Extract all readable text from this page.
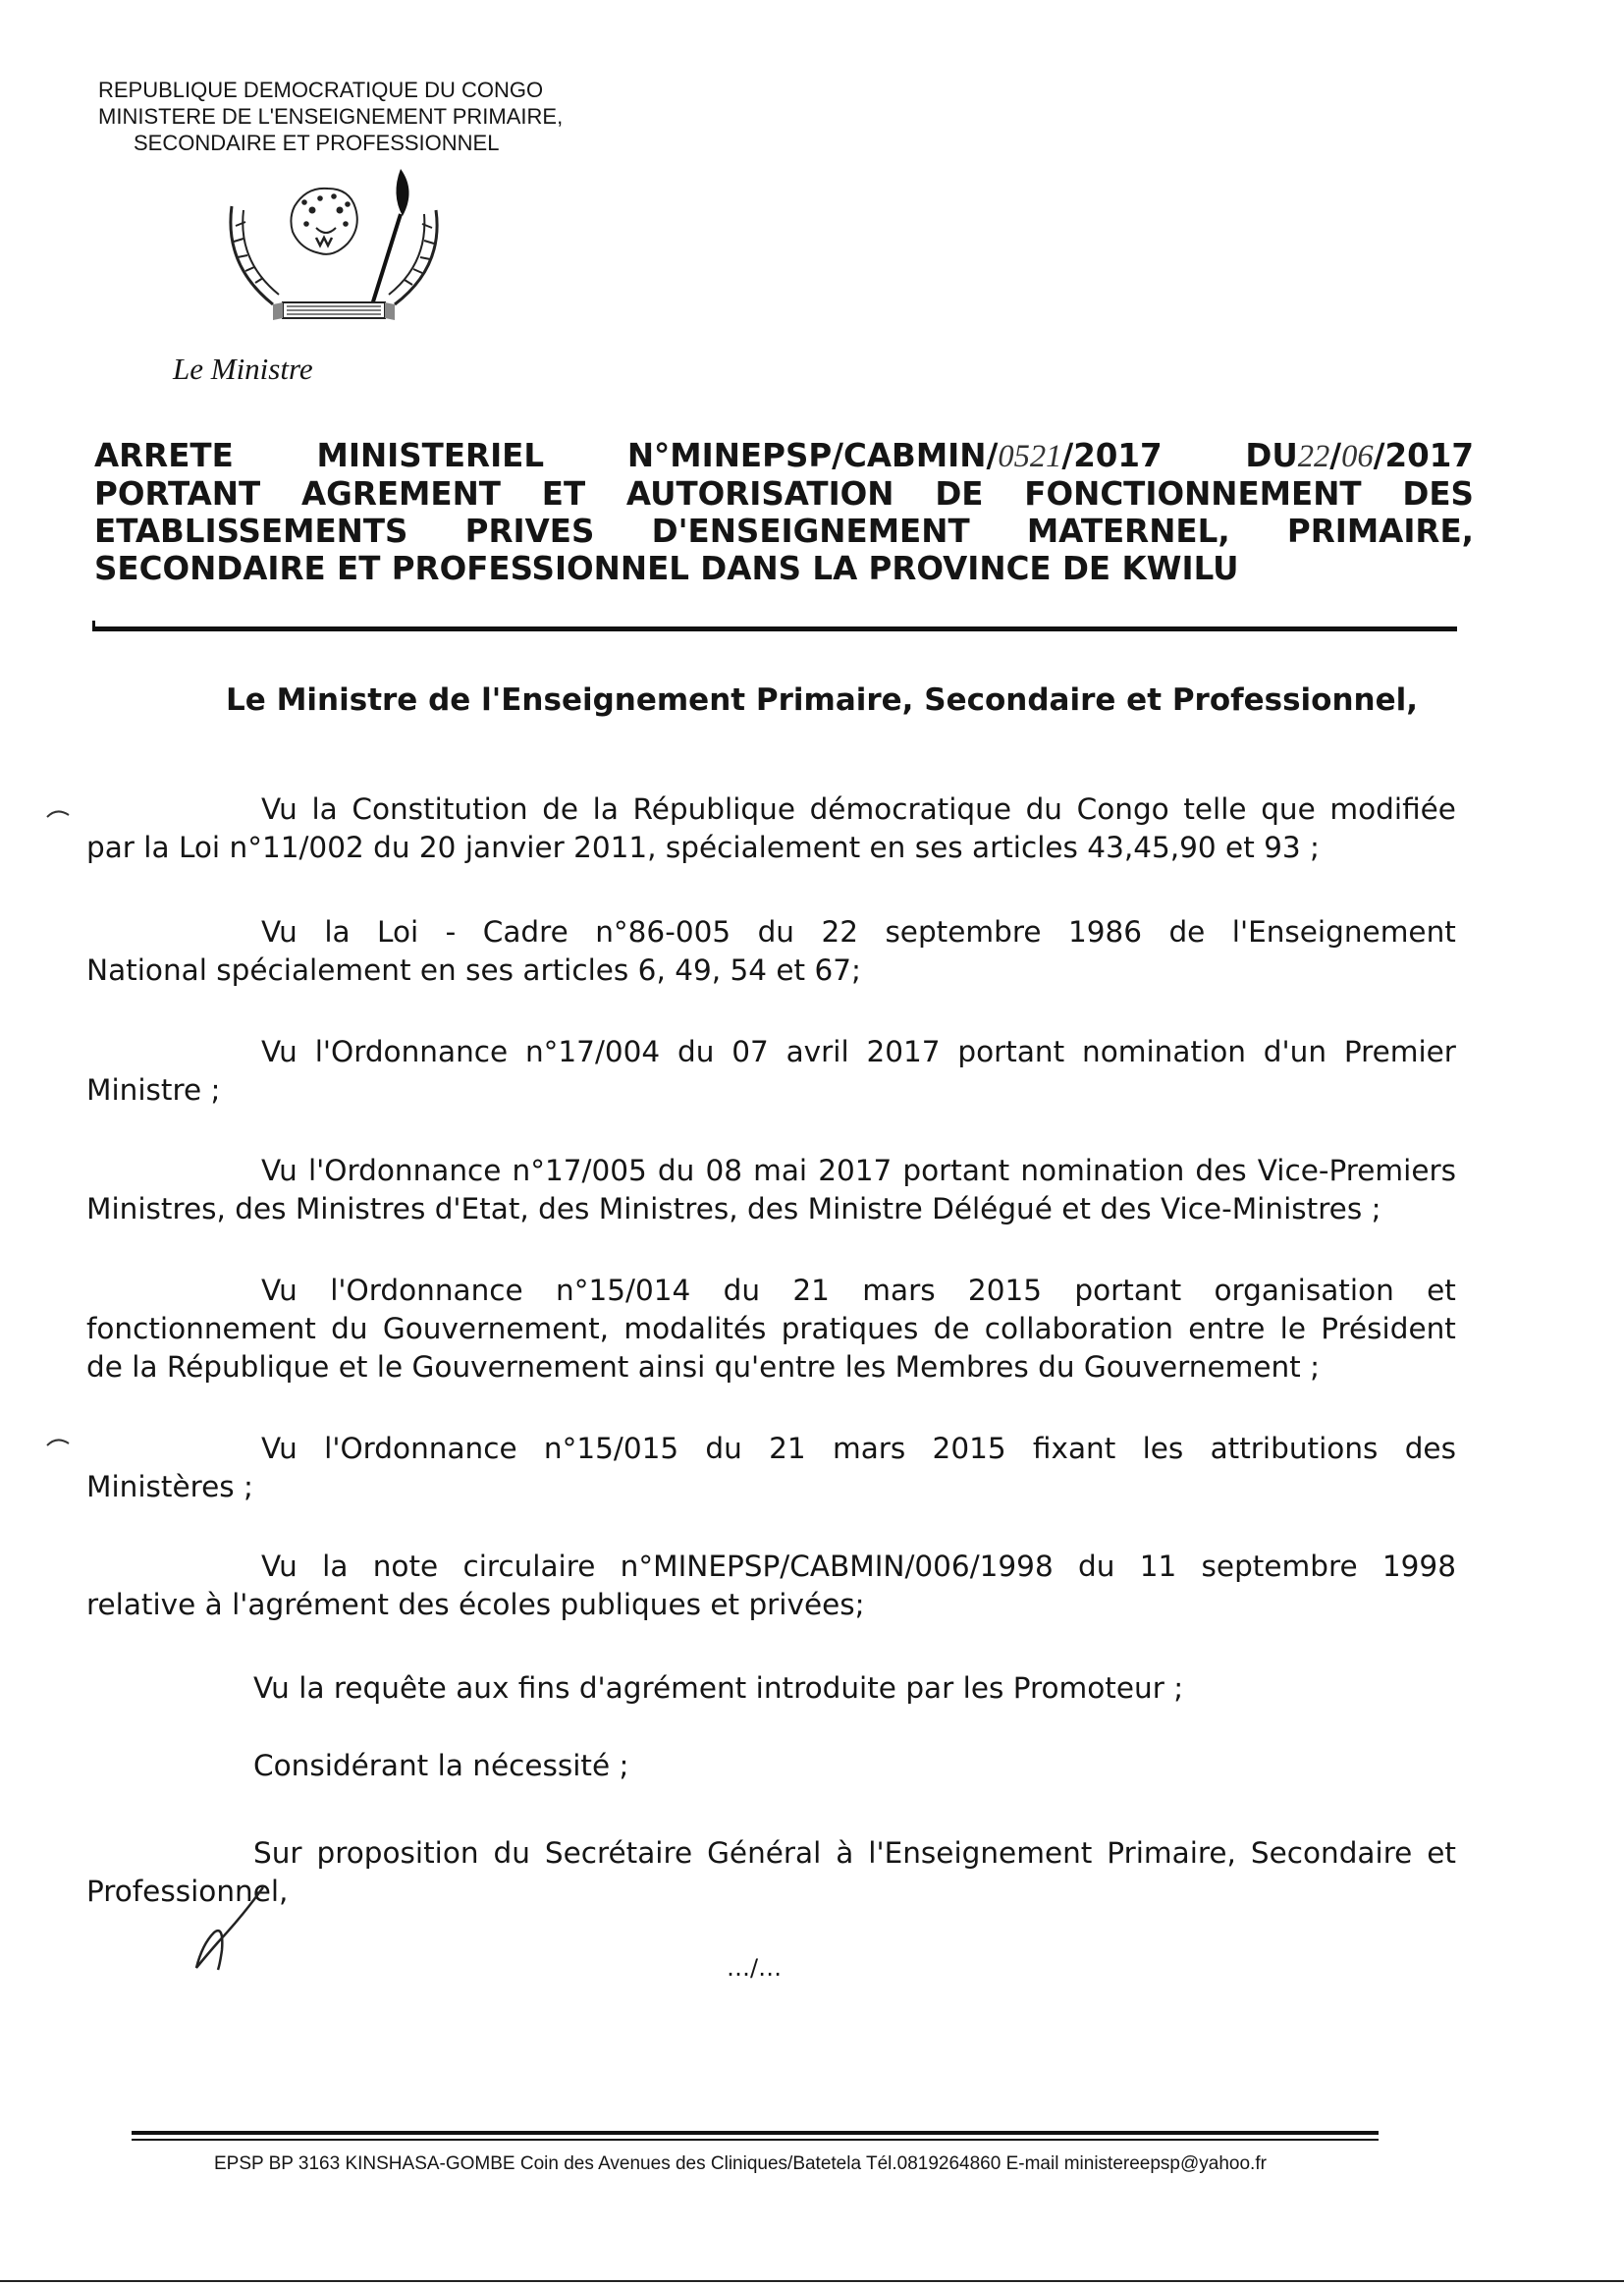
REPUBLIQUE DEMOCRATIQUE DU CONGO
MINISTERE DE L'ENSEIGNEMENT PRIMAIRE,
SECONDAIRE ET PROFESSIONNEL
Le Ministre
ARRETE	MINISTERIEL	N°MINEPSP/CABMIN/0521/2017	DU22/06/2017
PORTANT AGREMENT ET AUTORISATION DE FONCTIONNEMENT DES
ETABLISSEMENTS PRIVES D'ENSEIGNEMENT MATERNEL, PRIMAIRE,
SECONDAIRE ET PROFESSIONNEL DANS LA PROVINCE DE KWILU
Le Ministre de l'Enseignement Primaire, Secondaire et Professionnel,
Vu la Constitution de la République démocratique du Congo telle que modifiée
par la Loi n°11/002 du 20 janvier 2011, spécialement en ses articles 43,45,90 et 93 ;
Vu la Loi - Cadre n°86-005 du 22 septembre 1986 de l'Enseignement
National spécialement en ses articles 6, 49, 54 et 67;
Vu l'Ordonnance n°17/004 du 07 avril 2017 portant nomination d'un Premier
Ministre ;
Vu l'Ordonnance n°17/005 du 08 mai 2017 portant nomination des Vice-Premiers
Ministres, des Ministres d'Etat, des Ministres, des Ministre Délégué et des Vice-Ministres ;
Vu l'Ordonnance n°15/014 du 21 mars 2015 portant organisation et
fonctionnement du Gouvernement, modalités pratiques de collaboration entre le Président
de la République et le Gouvernement ainsi qu'entre les Membres du Gouvernement ;
Vu l'Ordonnance n°15/015 du 21 mars 2015 fixant les attributions des
Ministères ;
Vu la note circulaire n°MINEPSP/CABMIN/006/1998 du 11 septembre 1998
relative à l'agrément des écoles publiques et privées;
Vu la requête aux fins d'agrément introduite par les Promoteur ;
Considérant la nécessité ;
Sur proposition du Secrétaire Général à l'Enseignement Primaire, Secondaire et
Professionnel,
…/…
EPSP BP 3163 KINSHASA-GOMBE Coin des Avenues des Cliniques/Batetela Tél.0819264860 E-mail ministereepsp@yahoo.fr
